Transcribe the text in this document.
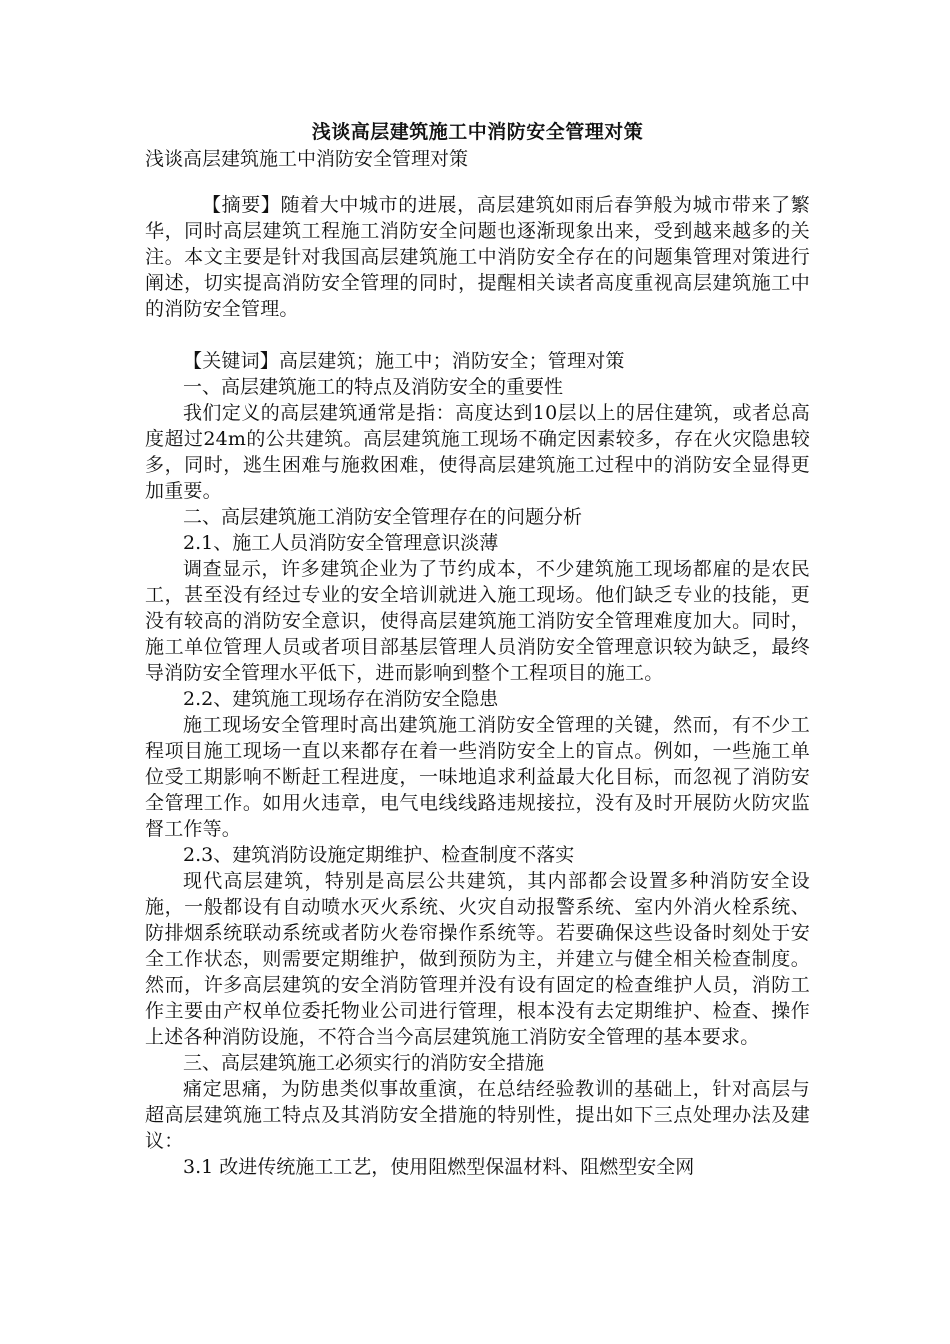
浅谈高层建筑施工中消防安全管理对策

浅谈高层建筑施工中消防安全管理对策

【摘要】随着大中城市的进展，高层建筑如雨后春笋般为城市带来了繁华，同时高层建筑工程施工消防安全问题也逐渐现象出来，受到越来越多的关注。本文主要是针对我国高层建筑施工中消防安全存在的问题集管理对策进行阐述，切实提高消防安全管理的同时，提醒相关读者高度重视高层建筑施工中的消防安全管理。

【关键词】高层建筑；施工中；消防安全；管理对策

一、高层建筑施工的特点及消防安全的重要性

我们定义的高层建筑通常是指：高度达到10层以上的居住建筑，或者总高度超过24m的公共建筑。高层建筑施工现场不确定因素较多，存在火灾隐患较多，同时，逃生困难与施救困难，使得高层建筑施工过程中的消防安全显得更加重要。

二、高层建筑施工消防安全管理存在的问题分析

2.1、施工人员消防安全管理意识淡薄

调查显示，许多建筑企业为了节约成本，不少建筑施工现场都雇的是农民工，甚至没有经过专业的安全培训就进入施工现场。他们缺乏专业的技能，更没有较高的消防安全意识，使得高层建筑施工消防安全管理难度加大。同时，施工单位管理人员或者项目部基层管理人员消防安全管理意识较为缺乏，最终导消防安全管理水平低下，进而影响到整个工程项目的施工。

2.2、建筑施工现场存在消防安全隐患

施工现场安全管理时高出建筑施工消防安全管理的关键，然而，有不少工程项目施工现场一直以来都存在着一些消防安全上的盲点。例如，一些施工单位受工期影响不断赶工程进度，一味地追求利益最大化目标，而忽视了消防安全管理工作。如用火违章，电气电线线路违规接拉，没有及时开展防火防灾监督工作等。

2.3、建筑消防设施定期维护、检查制度不落实

现代高层建筑，特别是高层公共建筑，其内部都会设置多种消防安全设施，一般都设有自动喷水灭火系统、火灾自动报警系统、室内外消火栓系统、防排烟系统联动系统或者防火卷帘操作系统等。若要确保这些设备时刻处于安全工作状态，则需要定期维护，做到预防为主，并建立与健全相关检查制度。然而，许多高层建筑的安全消防管理并没有设有固定的检查维护人员，消防工作主要由产权单位委托物业公司进行管理，根本没有去定期维护、检查、操作上述各种消防设施，不符合当今高层建筑施工消防安全管理的基本要求。

三、高层建筑施工必须实行的消防安全措施

痛定思痛，为防患类似事故重演，在总结经验教训的基础上，针对高层与超高层建筑施工特点及其消防安全措施的特别性，提出如下三点处理办法及建议：

3.1 改进传统施工工艺，使用阻燃型保温材料、阻燃型安全网
